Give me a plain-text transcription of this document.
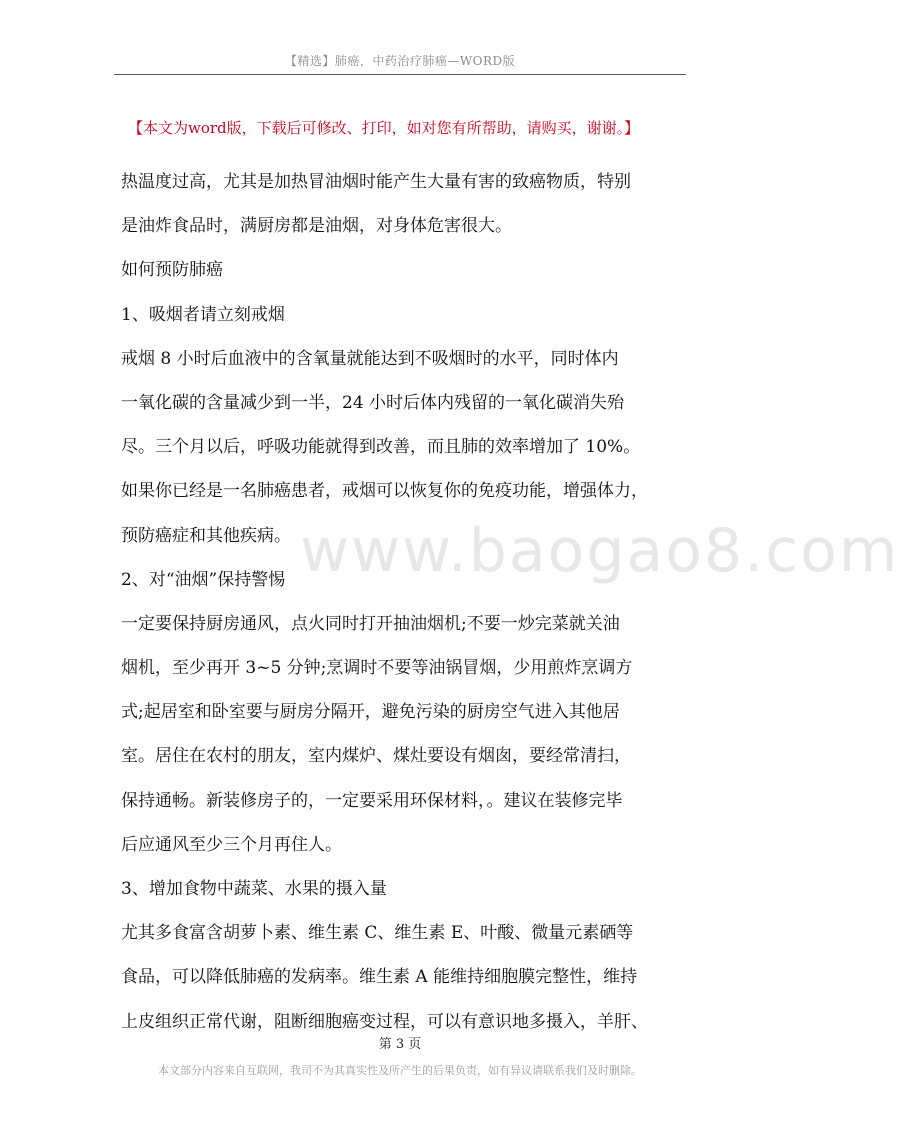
【精选】肺癌，中药治疗肺癌—WORD版
【本文为word版，下载后可修改、打印，如对您有所帮助，请购买，谢谢。】
www.baogao8.com
热温度过高，尤其是加热冒油烟时能产生大量有害的致癌物质，特别
是油炸食品时，满厨房都是油烟，对身体危害很大。
如何预防肺癌
1、吸烟者请立刻戒烟
戒烟 8 小时后血液中的含氧量就能达到不吸烟时的水平，同时体内
一氧化碳的含量减少到一半，24 小时后体内残留的一氧化碳消失殆
尽。三个月以后，呼吸功能就得到改善，而且肺的效率增加了 10%。
如果你已经是一名肺癌患者，戒烟可以恢复你的免疫功能，增强体力，
预防癌症和其他疾病。
2、对“油烟”保持警惕
一定要保持厨房通风，点火同时打开抽油烟机;不要一炒完菜就关油
烟机，至少再开 3~5 分钟;烹调时不要等油锅冒烟，少用煎炸烹调方
式;起居室和卧室要与厨房分隔开，避免污染的厨房空气进入其他居
室。居住在农村的朋友，室内煤炉、煤灶要设有烟囱，要经常清扫，
保持通畅。新装修房子的，一定要采用环保材料，。建议在装修完毕
后应通风至少三个月再住人。
3、增加食物中蔬菜、水果的摄入量
尤其多食富含胡萝卜素、维生素 C、维生素 E、叶酸、微量元素硒等
食品，可以降低肺癌的发病率。维生素 A 能维持细胞膜完整性，维持
上皮组织正常代谢，阻断细胞癌变过程，可以有意识地多摄入，羊肝、
第 3 页
本文部分内容来自互联网，我司不为其真实性及所产生的后果负责，如有异议请联系我们及时删除。
